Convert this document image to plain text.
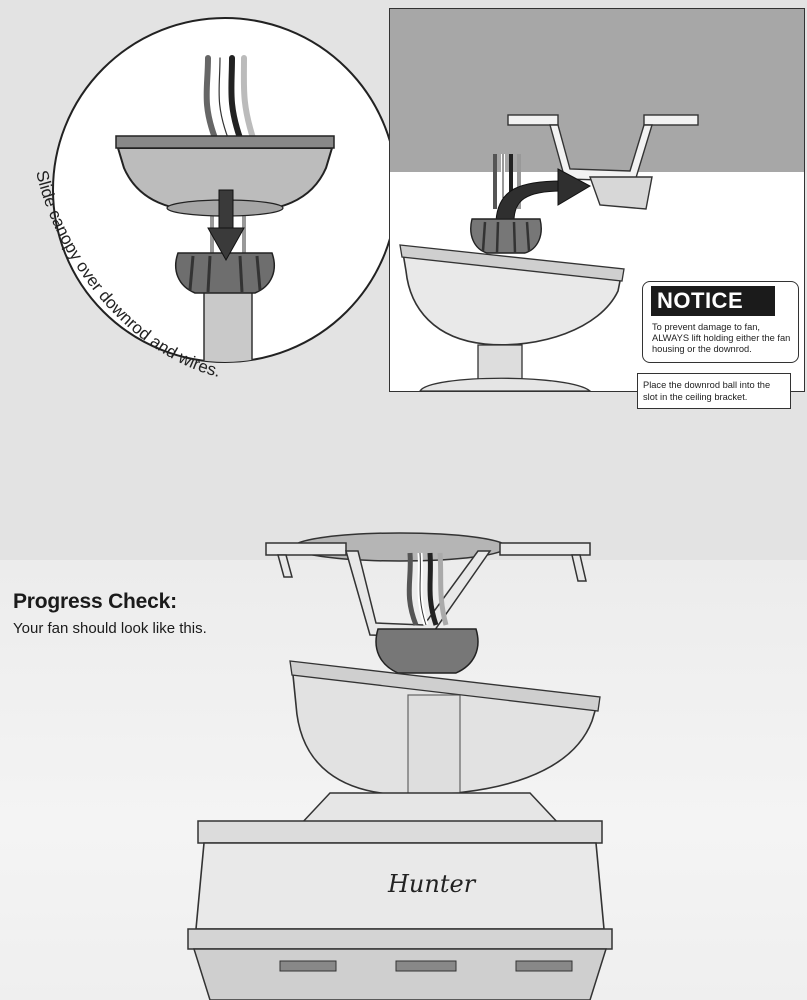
Slide canopy over downrod and wires.
NOTICE
To prevent damage to fan, ALWAYS lift holding either the fan housing or the downrod.
Place the downrod ball into the slot in the ceiling bracket.
Progress Check:
Your fan should look like this.
Hunter
